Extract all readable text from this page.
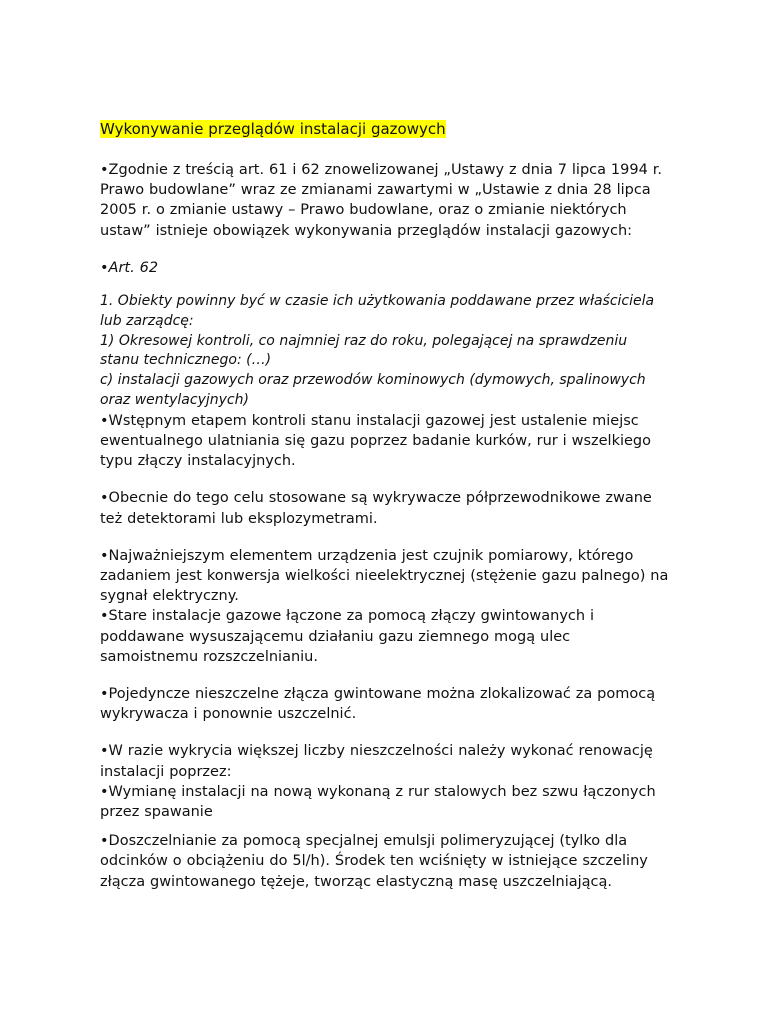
Wykonywanie przeglądów instalacji gazowych

•Zgodnie z treścią art. 61 i 62 znowelizowanej „Ustawy z dnia 7 lipca 1994 r. Prawo budowlane” wraz ze zmianami zawartymi w „Ustawie z dnia 28 lipca 2005 r. o zmianie ustawy – Prawo budowlane, oraz o zmianie niektórych ustaw” istnieje obowiązek wykonywania przeglądów instalacji gazowych:

•Art. 62

1. Obiekty powinny być w czasie ich użytkowania poddawane przez właściciela lub zarządcę:

1) Okresowej kontroli, co najmniej raz do roku, polegającej na sprawdzeniu stanu technicznego: (…)

c) instalacji gazowych oraz przewodów kominowych (dymowych, spalinowych oraz wentylacyjnych)

•Wstępnym etapem kontroli stanu instalacji gazowej jest ustalenie miejsc ewentualnego ulatniania się gazu poprzez badanie kurków, rur i wszelkiego typu złączy instalacyjnych.

•Obecnie do tego celu stosowane są wykrywacze półprzewodnikowe zwane też detektorami lub eksplozymetrami.

•Najważniejszym elementem urządzenia jest czujnik pomiarowy, którego zadaniem jest konwersja wielkości nieelektrycznej (stężenie gazu palnego) na sygnał elektryczny.

•Stare instalacje gazowe łączone za pomocą złączy gwintowanych i poddawane wysuszającemu działaniu gazu ziemnego mogą ulec samoistnemu rozszczelnianiu.

•Pojedyncze nieszczelne złącza gwintowane można zlokalizować za pomocą wykrywacza i ponownie uszczelnić.

•W razie wykrycia większej liczby nieszczelności należy wykonać renowację instalacji poprzez:

•Wymianę instalacji na nową wykonaną z rur stalowych bez szwu łączonych przez spawanie

•Doszczelnianie za pomocą specjalnej emulsji polimeryzującej (tylko dla odcinków o obciążeniu do 5l/h). Środek ten wciśnięty w istniejące szczeliny złącza gwintowanego tężeje, tworząc elastyczną masę uszczelniającą.
